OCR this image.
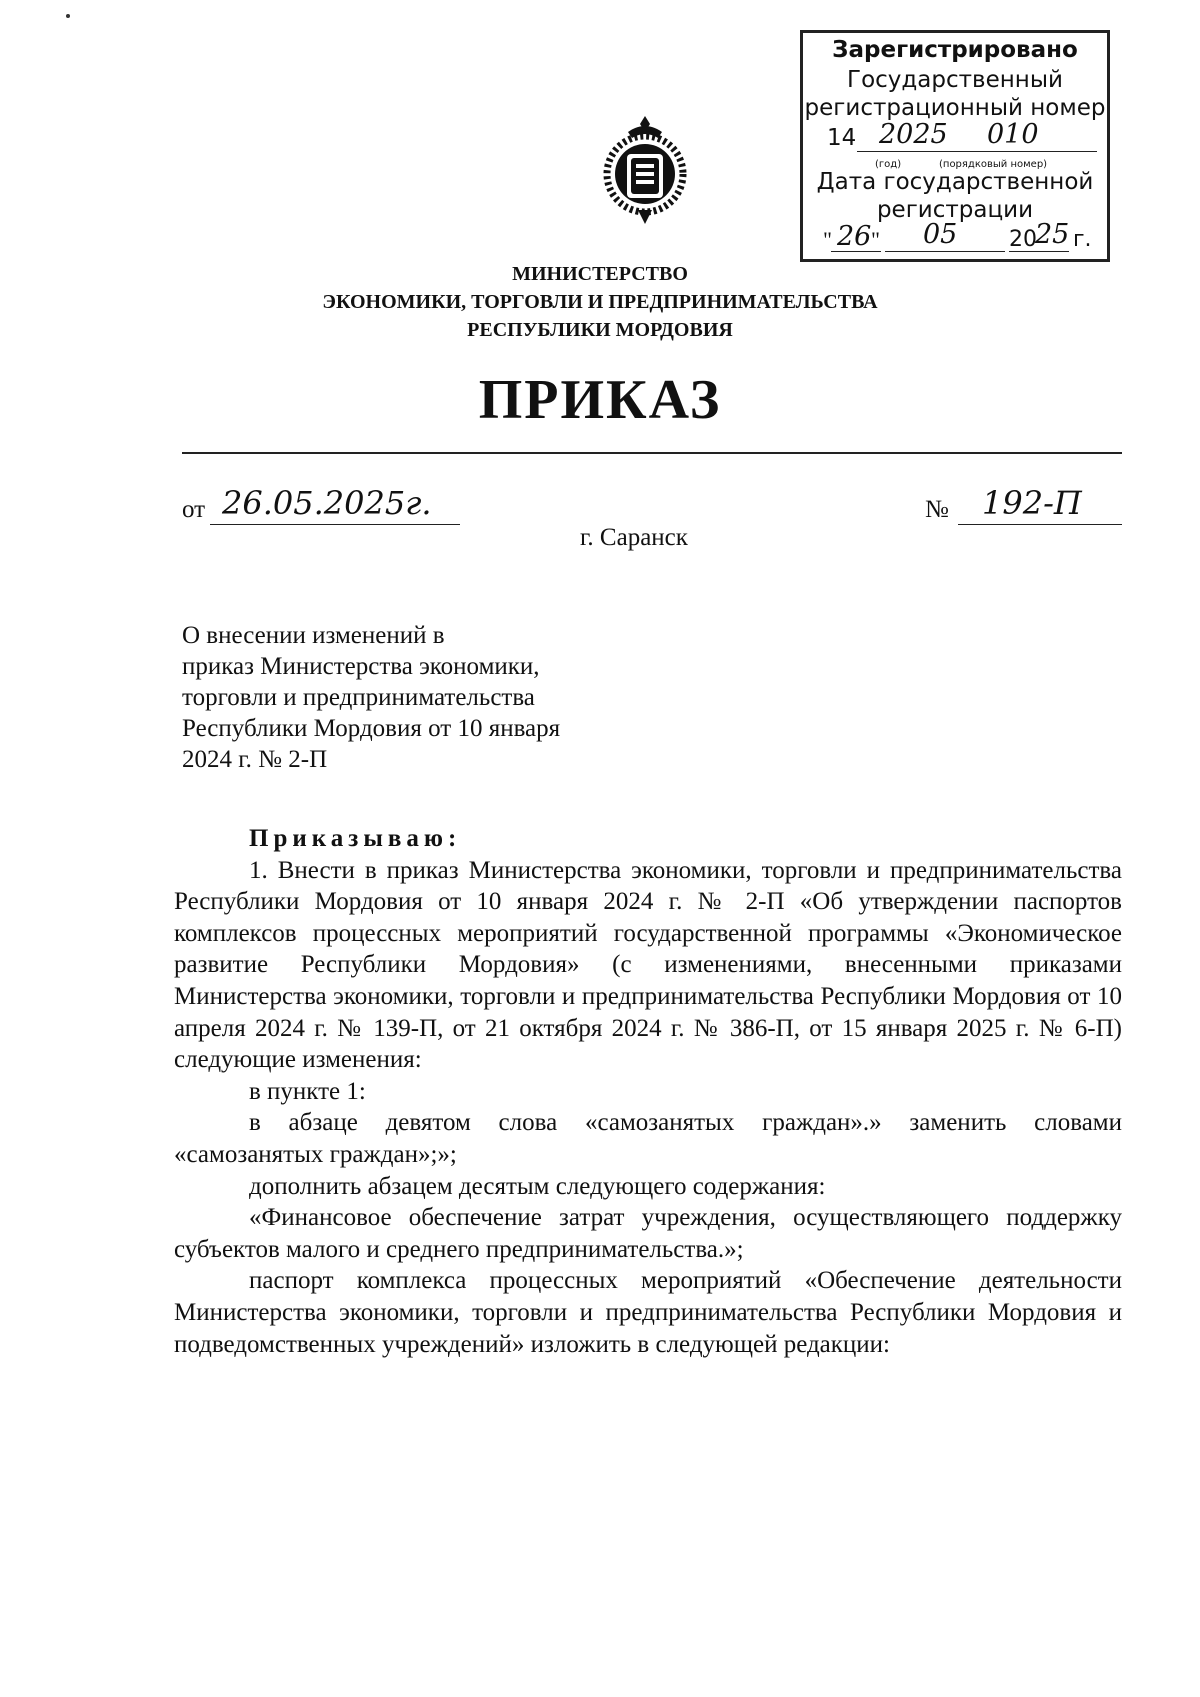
Зарегистрировано
Государственный
регистрационный номер
14 2025 010
(год)	(порядковый номер)
Дата государственной
регистрации
" 26 " 05 20
25 г.
МИНИСТЕРСТВО
ЭКОНОМИКИ, ТОРГОВЛИ И ПРЕДПРИНИМАТЕЛЬСТВА
РЕСПУБЛИКИ МОРДОВИЯ
ПРИКАЗ
от 26.05.2025г.	№ 192-П
г. Саранск
О внесении изменений в
приказ Министерства экономики,
торговли и предпринимательства
Республики Мордовия от 10 января
2024 г. № 2-П

Приказываю:

1. Внести в приказ Министерства экономики, торговли и предпринимательства Республики Мордовия от 10 января 2024 г. № 2-П «Об утверждении паспортов комплексов процессных мероприятий государственной программы «Экономическое развитие Республики Мордовия» (с изменениями, внесенными приказами Министерства экономики, торговли и предпринимательства Республики Мордовия от 10 апреля 2024 г. № 139-П, от 21 октября 2024 г. № 386-П, от 15 января 2025 г. № 6-П) следующие изменения:

в пункте 1:

в абзаце девятом слова «самозанятых граждан».» заменить словами «самозанятых граждан»;»;

дополнить абзацем десятым следующего содержания:

«Финансовое обеспечение затрат учреждения, осуществляющего поддержку субъектов малого и среднего предпринимательства.»;

паспорт комплекса процессных мероприятий «Обеспечение деятельности Министерства экономики, торговли и предпринимательства Республики Мордовия и подведомственных учреждений» изложить в следующей редакции:
